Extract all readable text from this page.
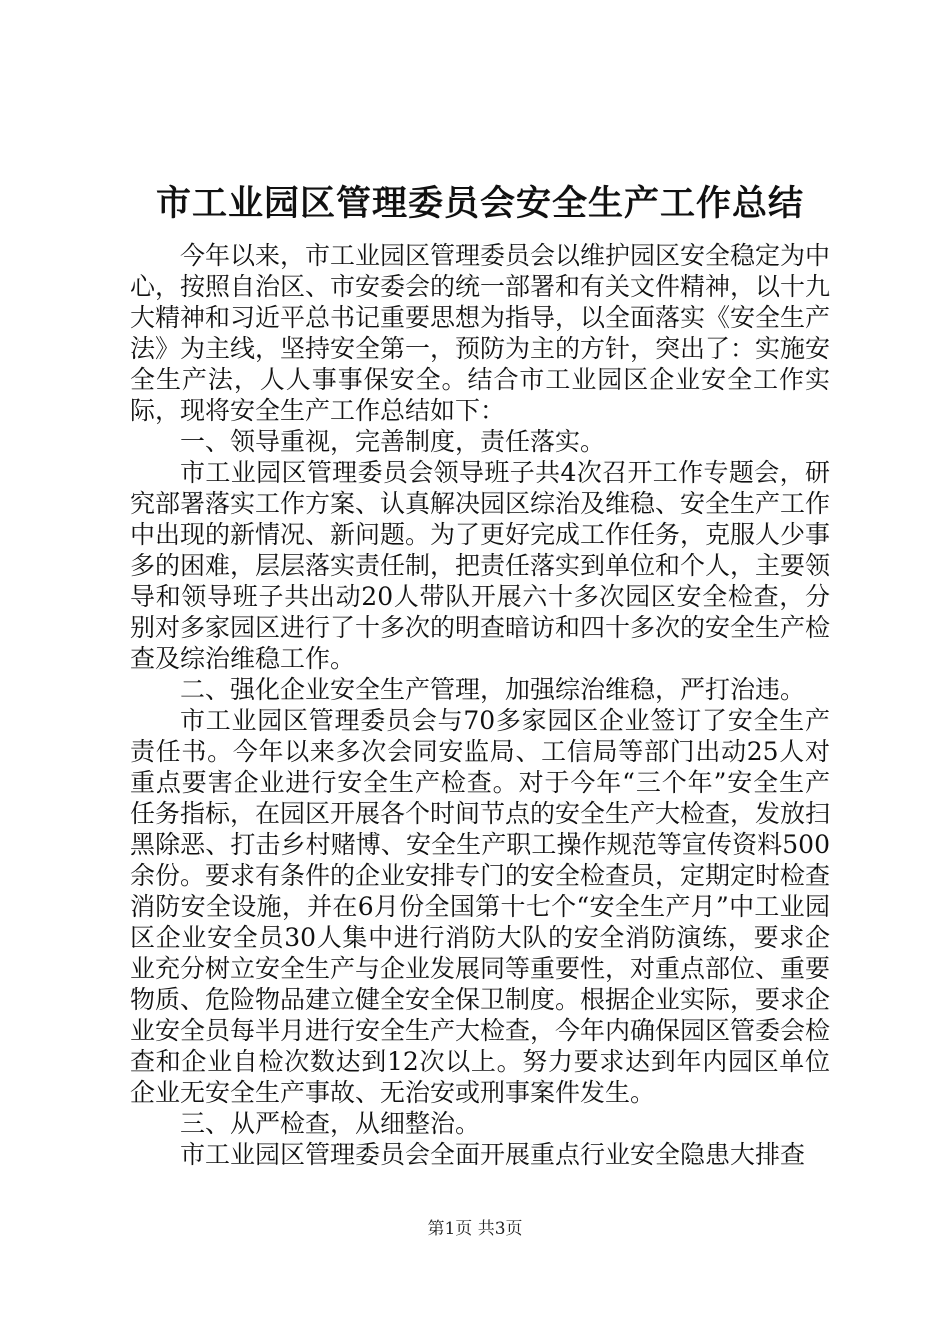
市工业园区管理委员会安全生产工作总结

今年以来，市工业园区管理委员会以维护园区安全稳定为中心，按照自治区、市安委会的统一部署和有关文件精神，以十九大精神和习近平总书记重要思想为指导，以全面落实《安全生产法》为主线，坚持安全第一，预防为主的方针，突出了：实施安全生产法，人人事事保安全。结合市工业园区企业安全工作实际，现将安全生产工作总结如下：

一、领导重视，完善制度，责任落实。

市工业园区管理委员会领导班子共4次召开工作专题会，研究部署落实工作方案、认真解决园区综治及维稳、安全生产工作中出现的新情况、新问题。为了更好完成工作任务，克服人少事多的困难，层层落实责任制，把责任落实到单位和个人，主要领导和领导班子共出动20人带队开展六十多次园区安全检查，分别对多家园区进行了十多次的明查暗访和四十多次的安全生产检查及综治维稳工作。

二、强化企业安全生产管理，加强综治维稳，严打治违。

市工业园区管理委员会与70多家园区企业签订了安全生产责任书。今年以来多次会同安监局、工信局等部门出动25人对重点要害企业进行安全生产检查。对于今年“三个年”安全生产任务指标，在园区开展各个时间节点的安全生产大检查，发放扫黑除恶、打击乡村赌博、安全生产职工操作规范等宣传资料500余份。要求有条件的企业安排专门的安全检查员，定期定时检查消防安全设施，并在6月份全国第十七个“安全生产月”中工业园区企业安全员30人集中进行消防大队的安全消防演练，要求企业充分树立安全生产与企业发展同等重要性，对重点部位、重要物质、危险物品建立健全安全保卫制度。根据企业实际，要求企业安全员每半月进行安全生产大检查，今年内确保园区管委会检查和企业自检次数达到12次以上。努力要求达到年内园区单位企业无安全生产事故、无治安或刑事案件发生。

三、从严检查，从细整治。

市工业园区管理委员会全面开展重点行业安全隐患大排查

第1页 共3页
